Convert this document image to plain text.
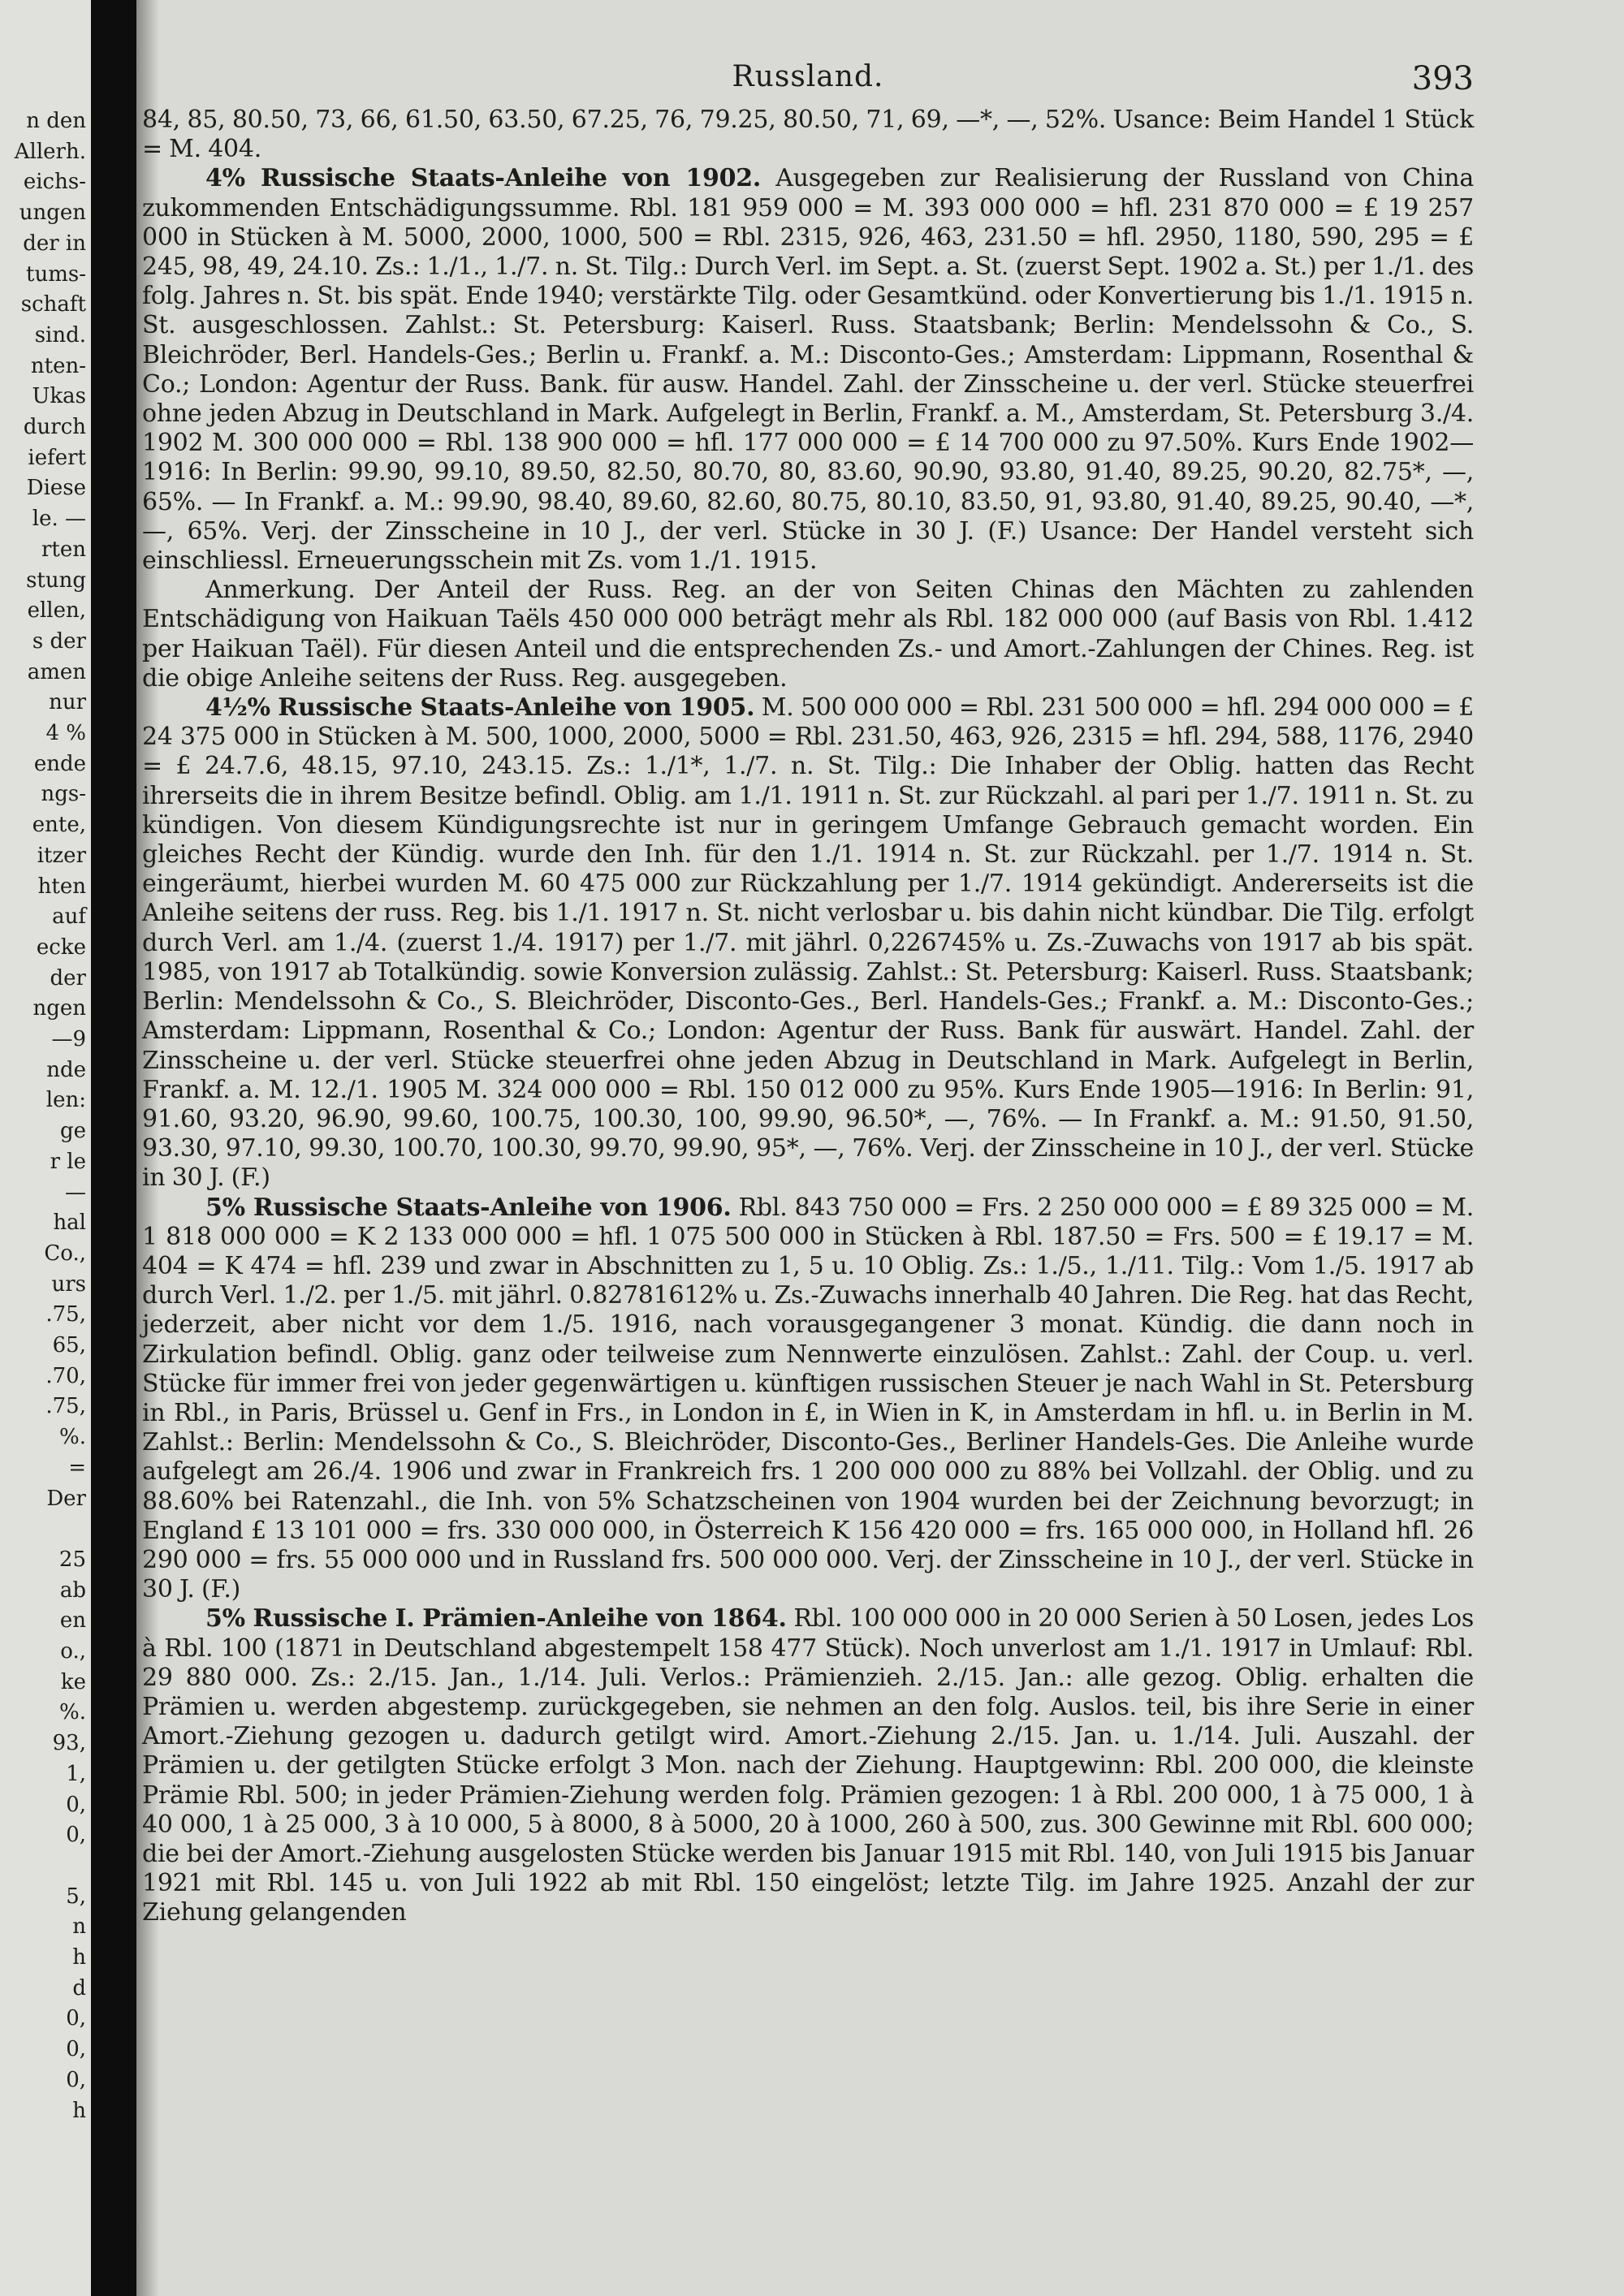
n den
Allerh.
eichs-
ungen
der in
tums-
schaft
sind.
nten-
Ukas
durch
iefert
Diese
le. —
rten
stung
ellen,
s der
amen
nur
4 %
ende
ngs-
ente,
itzer
hten
auf
ecke
der
ngen
—9
nde
len:
ge
r le
—
hal
Co.,
urs
.75,
65,
.70,
.75,
%.
=
Der
25
ab
en
o.,
ke
%.
93,
1,
0,
0,
5,
n
h
d
0,
0,
0,
h
Russland.	393

84, 85, 80.50, 73, 66, 61.50, 63.50, 67.25, 76, 79.25, 80.50, 71, 69, —*, —, 52%. Usance: Beim Handel 1 Stück = M. 404.

4% Russische Staats-Anleihe von 1902. Ausgegeben zur Realisierung der Russland von China zukommenden Entschädigungssumme. Rbl. 181 959 000 = M. 393 000 000 = hfl. 231 870 000 = £ 19 257 000 in Stücken à M. 5000, 2000, 1000, 500 = Rbl. 2315, 926, 463, 231.50 = hfl. 2950, 1180, 590, 295 = £ 245, 98, 49, 24.10. Zs.: 1./1., 1./7. n. St. Tilg.: Durch Verl. im Sept. a. St. (zuerst Sept. 1902 a. St.) per 1./1. des folg. Jahres n. St. bis spät. Ende 1940; verstärkte Tilg. oder Gesamtkünd. oder Konvertierung bis 1./1. 1915 n. St. ausgeschlossen. Zahlst.: St. Petersburg: Kaiserl. Russ. Staatsbank; Berlin: Mendelssohn & Co., S. Bleichröder, Berl. Handels-Ges.; Berlin u. Frankf. a. M.: Disconto-Ges.; Amsterdam: Lippmann, Rosenthal & Co.; London: Agentur der Russ. Bank. für ausw. Handel. Zahl. der Zinsscheine u. der verl. Stücke steuerfrei ohne jeden Abzug in Deutschland in Mark. Aufgelegt in Berlin, Frankf. a. M., Amsterdam, St. Petersburg 3./4. 1902 M. 300 000 000 = Rbl. 138 900 000 = hfl. 177 000 000 = £ 14 700 000 zu 97.50%. Kurs Ende 1902—1916: In Berlin: 99.90, 99.10, 89.50, 82.50, 80.70, 80, 83.60, 90.90, 93.80, 91.40, 89.25, 90.20, 82.75*, —, 65%. — In Frankf. a. M.: 99.90, 98.40, 89.60, 82.60, 80.75, 80.10, 83.50, 91, 93.80, 91.40, 89.25, 90.40, —*, —, 65%. Verj. der Zinsscheine in 10 J., der verl. Stücke in 30 J. (F.) Usance: Der Handel versteht sich einschliessl. Erneuerungsschein mit Zs. vom 1./1. 1915.

Anmerkung. Der Anteil der Russ. Reg. an der von Seiten Chinas den Mächten zu zahlenden Entschädigung von Haikuan Taëls 450 000 000 beträgt mehr als Rbl. 182 000 000 (auf Basis von Rbl. 1.412 per Haikuan Taël). Für diesen Anteil und die entsprechenden Zs.- und Amort.-Zahlungen der Chines. Reg. ist die obige Anleihe seitens der Russ. Reg. ausgegeben.

4½% Russische Staats-Anleihe von 1905. M. 500 000 000 = Rbl. 231 500 000 = hfl. 294 000 000 = £ 24 375 000 in Stücken à M. 500, 1000, 2000, 5000 = Rbl. 231.50, 463, 926, 2315 = hfl. 294, 588, 1176, 2940 = £ 24.7.6, 48.15, 97.10, 243.15. Zs.: 1./1*, 1./7. n. St. Tilg.: Die Inhaber der Oblig. hatten das Recht ihrerseits die in ihrem Besitze befindl. Oblig. am 1./1. 1911 n. St. zur Rückzahl. al pari per 1./7. 1911 n. St. zu kündigen. Von diesem Kündigungsrechte ist nur in geringem Umfange Gebrauch gemacht worden. Ein gleiches Recht der Kündig. wurde den Inh. für den 1./1. 1914 n. St. zur Rückzahl. per 1./7. 1914 n. St. eingeräumt, hierbei wurden M. 60 475 000 zur Rückzahlung per 1./7. 1914 gekündigt. Andererseits ist die Anleihe seitens der russ. Reg. bis 1./1. 1917 n. St. nicht verlosbar u. bis dahin nicht kündbar. Die Tilg. erfolgt durch Verl. am 1./4. (zuerst 1./4. 1917) per 1./7. mit jährl. 0,226745% u. Zs.-Zuwachs von 1917 ab bis spät. 1985, von 1917 ab Totalkündig. sowie Konversion zulässig. Zahlst.: St. Petersburg: Kaiserl. Russ. Staatsbank; Berlin: Mendelssohn & Co., S. Bleichröder, Disconto-Ges., Berl. Handels-Ges.; Frankf. a. M.: Disconto-Ges.; Amsterdam: Lippmann, Rosenthal & Co.; London: Agentur der Russ. Bank für auswärt. Handel. Zahl. der Zinsscheine u. der verl. Stücke steuerfrei ohne jeden Abzug in Deutschland in Mark. Aufgelegt in Berlin, Frankf. a. M. 12./1. 1905 M. 324 000 000 = Rbl. 150 012 000 zu 95%. Kurs Ende 1905—1916: In Berlin: 91, 91.60, 93.20, 96.90, 99.60, 100.75, 100.30, 100, 99.90, 96.50*, —, 76%. — In Frankf. a. M.: 91.50, 91.50, 93.30, 97.10, 99.30, 100.70, 100.30, 99.70, 99.90, 95*, —, 76%. Verj. der Zinsscheine in 10 J., der verl. Stücke in 30 J. (F.)

5% Russische Staats-Anleihe von 1906. Rbl. 843 750 000 = Frs. 2 250 000 000 = £ 89 325 000 = M. 1 818 000 000 = K 2 133 000 000 = hfl. 1 075 500 000 in Stücken à Rbl. 187.50 = Frs. 500 = £ 19.17 = M. 404 = K 474 = hfl. 239 und zwar in Abschnitten zu 1, 5 u. 10 Oblig. Zs.: 1./5., 1./11. Tilg.: Vom 1./5. 1917 ab durch Verl. 1./2. per 1./5. mit jährl. 0.82781612% u. Zs.-Zuwachs innerhalb 40 Jahren. Die Reg. hat das Recht, jederzeit, aber nicht vor dem 1./5. 1916, nach vorausgegangener 3 monat. Kündig. die dann noch in Zirkulation befindl. Oblig. ganz oder teilweise zum Nennwerte einzulösen. Zahlst.: Zahl. der Coup. u. verl. Stücke für immer frei von jeder gegenwärtigen u. künftigen russischen Steuer je nach Wahl in St. Petersburg in Rbl., in Paris, Brüssel u. Genf in Frs., in London in £, in Wien in K, in Amsterdam in hfl. u. in Berlin in M. Zahlst.: Berlin: Mendelssohn & Co., S. Bleichröder, Disconto-Ges., Berliner Handels-Ges. Die Anleihe wurde aufgelegt am 26./4. 1906 und zwar in Frankreich frs. 1 200 000 000 zu 88% bei Vollzahl. der Oblig. und zu 88.60% bei Ratenzahl., die Inh. von 5% Schatzscheinen von 1904 wurden bei der Zeichnung bevorzugt; in England £ 13 101 000 = frs. 330 000 000, in Österreich K 156 420 000 = frs. 165 000 000, in Holland hfl. 26 290 000 = frs. 55 000 000 und in Russland frs. 500 000 000. Verj. der Zinsscheine in 10 J., der verl. Stücke in 30 J. (F.)

5% Russische I. Prämien-Anleihe von 1864. Rbl. 100 000 000 in 20 000 Serien à 50 Losen, jedes Los à Rbl. 100 (1871 in Deutschland abgestempelt 158 477 Stück). Noch unverlost am 1./1. 1917 in Umlauf: Rbl. 29 880 000. Zs.: 2./15. Jan., 1./14. Juli. Verlos.: Prämienzieh. 2./15. Jan.: alle gezog. Oblig. erhalten die Prämien u. werden abgestemp. zurückgegeben, sie nehmen an den folg. Auslos. teil, bis ihre Serie in einer Amort.-Ziehung gezogen u. dadurch getilgt wird. Amort.-Ziehung 2./15. Jan. u. 1./14. Juli. Auszahl. der Prämien u. der getilgten Stücke erfolgt 3 Mon. nach der Ziehung. Hauptgewinn: Rbl. 200 000, die kleinste Prämie Rbl. 500; in jeder Prämien-Ziehung werden folg. Prämien gezogen: 1 à Rbl. 200 000, 1 à 75 000, 1 à 40 000, 1 à 25 000, 3 à 10 000, 5 à 8000, 8 à 5000, 20 à 1000, 260 à 500, zus. 300 Gewinne mit Rbl. 600 000; die bei der Amort.-Ziehung ausgelosten Stücke werden bis Januar 1915 mit Rbl. 140, von Juli 1915 bis Januar 1921 mit Rbl. 145 u. von Juli 1922 ab mit Rbl. 150 eingelöst; letzte Tilg. im Jahre 1925. Anzahl der zur Ziehung gelangenden
